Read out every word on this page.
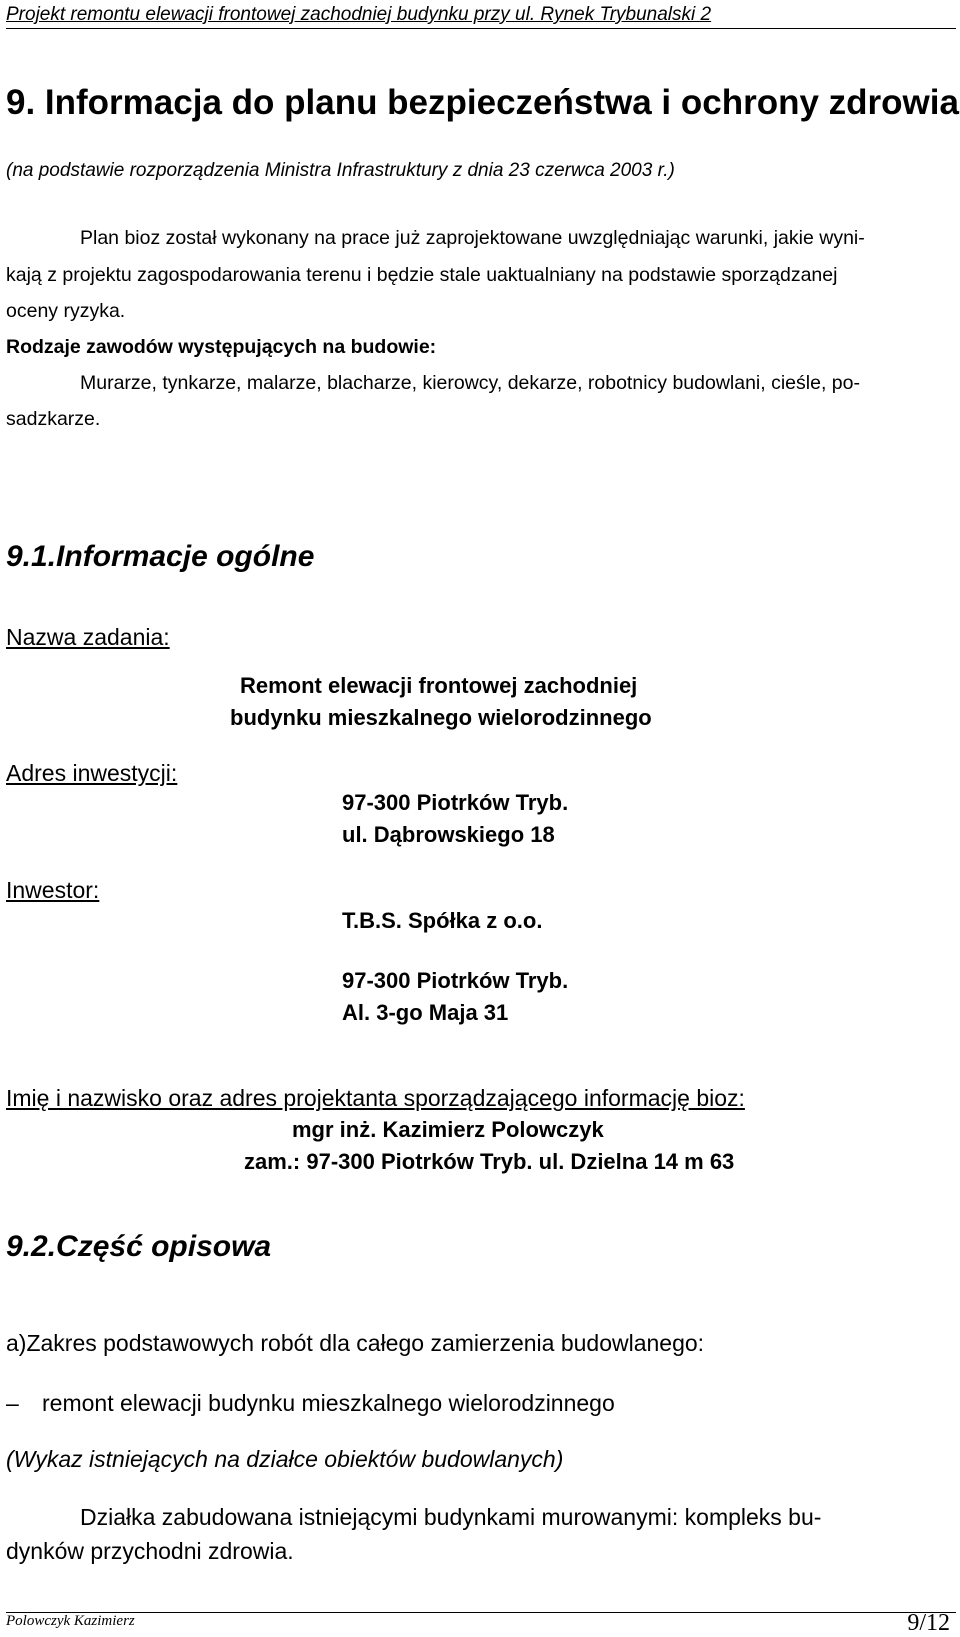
Projekt remontu elewacji frontowej zachodniej budynku przy ul. Rynek Trybunalski 2
9. Informacja do planu bezpieczeństwa i ochrony zdrowia
(na podstawie rozporządzenia Ministra Infrastruktury z dnia 23 czerwca 2003 r.)
Plan bioz został wykonany na prace już zaprojektowane uwzględniając warunki, jakie wyni-
kają z projektu zagospodarowania terenu i będzie stale uaktualniany na podstawie sporządzanej
oceny ryzyka.
Rodzaje zawodów występujących na budowie:
Murarze, tynkarze, malarze, blacharze, kierowcy, dekarze, robotnicy budowlani, cieśle, po-
sadzkarze.
9.1.Informacje ogólne
Nazwa zadania:
Remont elewacji frontowej zachodniej
budynku mieszkalnego wielorodzinnego
Adres inwestycji:
97-300 Piotrków Tryb.
ul. Dąbrowskiego 18
Inwestor:
T.B.S. Spółka z o.o.
97-300 Piotrków Tryb.
Al. 3-go Maja 31
Imię i nazwisko oraz adres projektanta sporządzającego informację bioz:
mgr inż. Kazimierz Polowczyk
zam.: 97-300 Piotrków Tryb. ul. Dzielna 14 m 63
9.2.Część opisowa
a)Zakres podstawowych robót dla całego zamierzenia budowlanego:
– remont elewacji budynku mieszkalnego wielorodzinnego
(Wykaz istniejących na działce obiektów budowlanych)
Działka zabudowana istniejącymi budynkami murowanymi: kompleks bu-
dynków przychodni zdrowia.
Polowczyk Kazimierz	9/12
